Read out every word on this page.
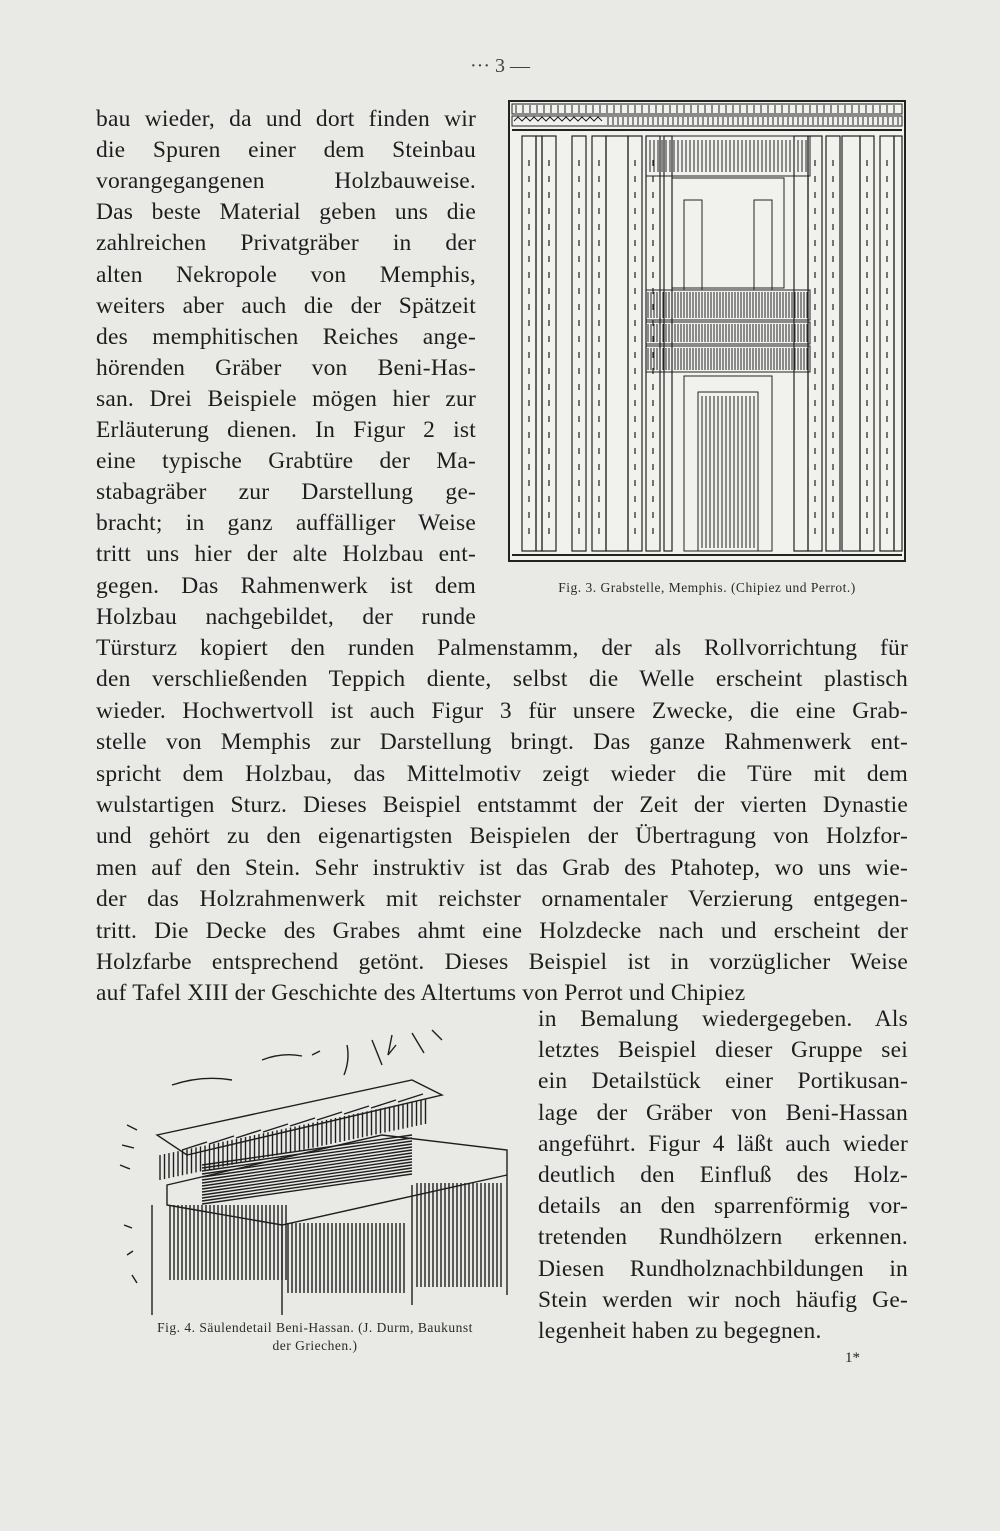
··· 3 —
bau wieder, da und dort finden wir
die Spuren einer dem Steinbau
vorangegangenen Holzbauweise.
Das beste Material geben uns die
zahlreichen Privatgräber in der
alten Nekropole von Memphis,
weiters aber auch die der Spätzeit
des memphitischen Reiches ange-
hörenden Gräber von Beni-Has-
san. Drei Beispiele mögen hier zur
Erläuterung dienen. In Figur 2 ist
eine typische Grabtüre der Ma-
stabagräber zur Darstellung ge-
bracht; in ganz auffälliger Weise
tritt uns hier der alte Holzbau ent-
gegen. Das Rahmenwerk ist dem
Holzbau nachgebildet, der runde
Fig. 3. Grabstelle, Memphis. (Chipiez und Perrot.)
Türsturz kopiert den runden Palmenstamm, der als Rollvorrichtung für
den verschließenden Teppich diente, selbst die Welle erscheint plastisch
wieder. Hochwertvoll ist auch Figur 3 für unsere Zwecke, die eine Grab-
stelle von Memphis zur Darstellung bringt. Das ganze Rahmenwerk ent-
spricht dem Holzbau, das Mittelmotiv zeigt wieder die Türe mit dem
wulstartigen Sturz. Dieses Beispiel entstammt der Zeit der vierten Dynastie
und gehört zu den eigenartigsten Beispielen der Übertragung von Holzfor-
men auf den Stein. Sehr instruktiv ist das Grab des Ptahotep, wo uns wie-
der das Holzrahmenwerk mit reichster ornamentaler Verzierung entgegen-
tritt. Die Decke des Grabes ahmt eine Holzdecke nach und erscheint der
Holzfarbe entsprechend getönt. Dieses Beispiel ist in vorzüglicher Weise
auf Tafel XIII der Geschichte des Altertums von Perrot und Chipiez
Fig. 4. Säulendetail Beni-Hassan. (J. Durm, Baukunst
der Griechen.)
in Bemalung wiedergegeben. Als
letztes Beispiel dieser Gruppe sei
ein Detailstück einer Portikusan-
lage der Gräber von Beni-Hassan
angeführt. Figur 4 läßt auch wieder
deutlich den Einfluß des Holz-
details an den sparrenförmig vor-
tretenden Rundhölzern erkennen.
Diesen Rundholznachbildungen in
Stein werden wir noch häufig Ge-
legenheit haben zu begegnen.
1*
